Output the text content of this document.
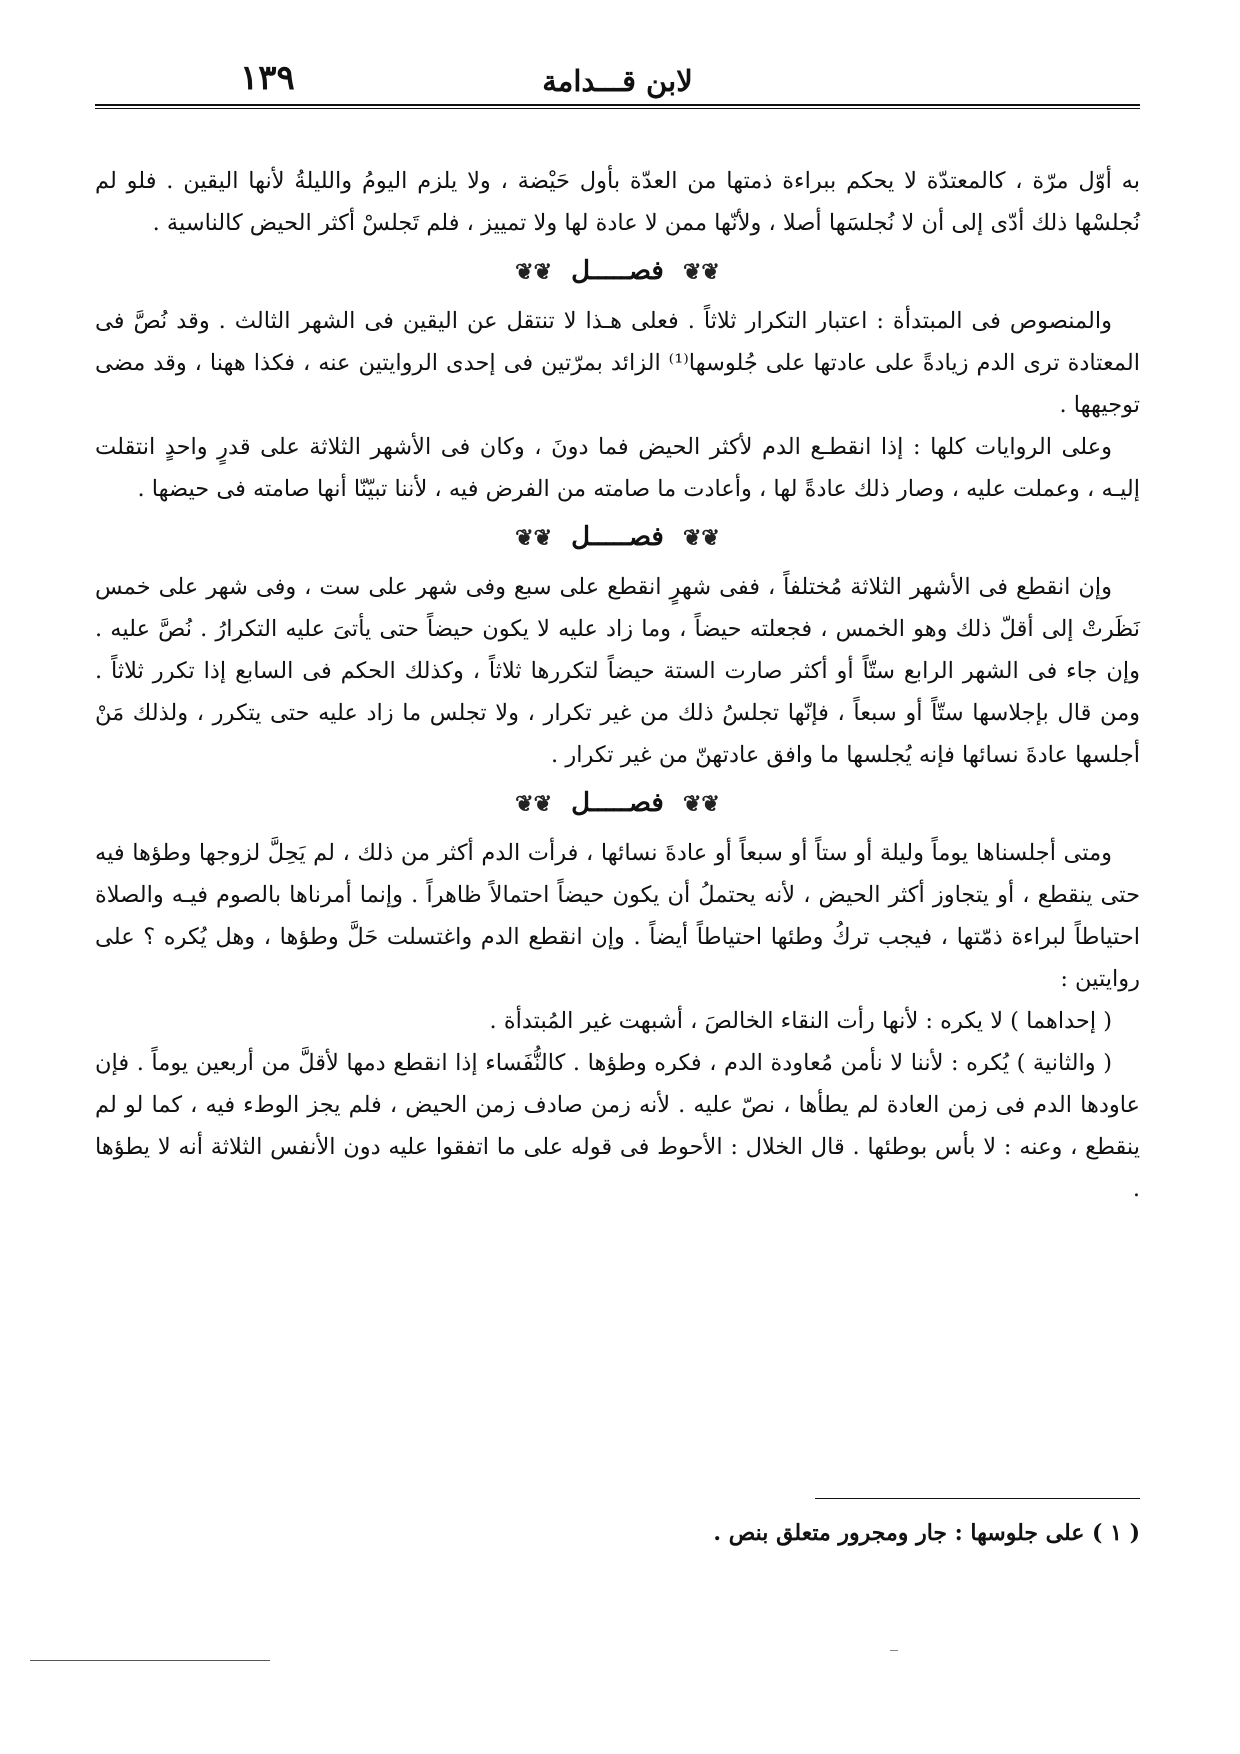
لابن قـــدامة
١٣٩

به أوّل مرّة ، كالمعتدّة لا يحكم ببراءة ذمتها من العدّة بأول حَيْضة ، ولا يلزم اليومُ والليلةُ لأنها اليقين . فلو لم نُجلسْها ذلك أدّى إلى أن لا نُجلسَها أصلا ، ولأنّها ممن لا عادة لها ولا تمييز ، فلم تَجلسْ أكثر الحيض كالناسية .

❦❦ فصـــــل ❦❦

والمنصوص فى المبتدأة : اعتبار التكرار ثلاثاً . فعلى هـذا لا تنتقل عن اليقين فى الشهر الثالث . وقد نُصَّ فى المعتادة ترى الدم زيادةً على عادتها على جُلوسها⁽¹⁾ الزائد بمرّتين فى إحدى الروايتين عنه ، فكذا ههنا ، وقد مضى توجيهها .

وعلى الروايات كلها : إذا انقطـع الدم لأكثر الحيض فما دونَ ، وكان فى الأشهر الثلاثة على قدرٍ واحدٍ انتقلت إليـه ، وعملت عليه ، وصار ذلك عادةً لها ، وأعادت ما صامته من الفرض فيه ، لأننا تبيّنّا أنها صامته فى حيضها .

❦❦ فصـــــل ❦❦

وإن انقطع فى الأشهر الثلاثة مُختلفاً ، ففى شهرٍ انقطع على سبع وفى شهر على ست ، وفى شهر على خمس نَظَرتْ إلى أقلّ ذلك وهو الخمس ، فجعلته حيضاً ، وما زاد عليه لا يكون حيضاً حتى يأتىَ عليه التكرارُ . نُصَّ عليه . وإن جاء فى الشهر الرابع ستّاً أو أكثر صارت الستة حيضاً لتكررها ثلاثاً ، وكذلك الحكم فى السابع إذا تكرر ثلاثاً . ومن قال بإجلاسها ستّاً أو سبعاً ، فإنّها تجلسُ ذلك من غير تكرار ، ولا تجلس ما زاد عليه حتى يتكرر ، ولذلك مَنْ أجلسها عادةَ نسائها فإنه يُجلسها ما وافق عادتهنّ من غير تكرار .

❦❦ فصـــــل ❦❦

ومتى أجلسناها يوماً وليلة أو ستاً أو سبعاً أو عادةَ نسائها ، فرأت الدم أكثر من ذلك ، لم يَحِلَّ لزوجها وطؤها فيه حتى ينقطع ، أو يتجاوز أكثر الحيض ، لأنه يحتملُ أن يكون حيضاً احتمالاً ظاهراً . وإنما أمرناها بالصوم فيـه والصلاة احتياطاً لبراءة ذمّتها ، فيجب تركُ وطئها احتياطاً أيضاً . وإن انقطع الدم واغتسلت حَلَّ وطؤها ، وهل يُكره ؟ على روايتين :

( إحداهما ) لا يكره : لأنها رأت النقاء الخالصَ ، أشبهت غير المُبتدأة .

( والثانية ) يُكره : لأننا لا نأمن مُعاودة الدم ، فكره وطؤها . كالنُّفَساء إذا انقطع دمها لأقلَّ من أربعين يوماً . فإن عاودها الدم فى زمن العادة لم يطأها ، نصّ عليه . لأنه زمن صادف زمن الحيض ، فلم يجز الوطء فيه ، كما لو لم ينقطع ، وعنه : لا بأس بوطئها . قال الخلال : الأحوط فى قوله على ما اتفقوا عليه دون الأنفس الثلاثة أنه لا يطؤها .

( ١ ) على جلوسها : جار ومجرور متعلق بنص .
